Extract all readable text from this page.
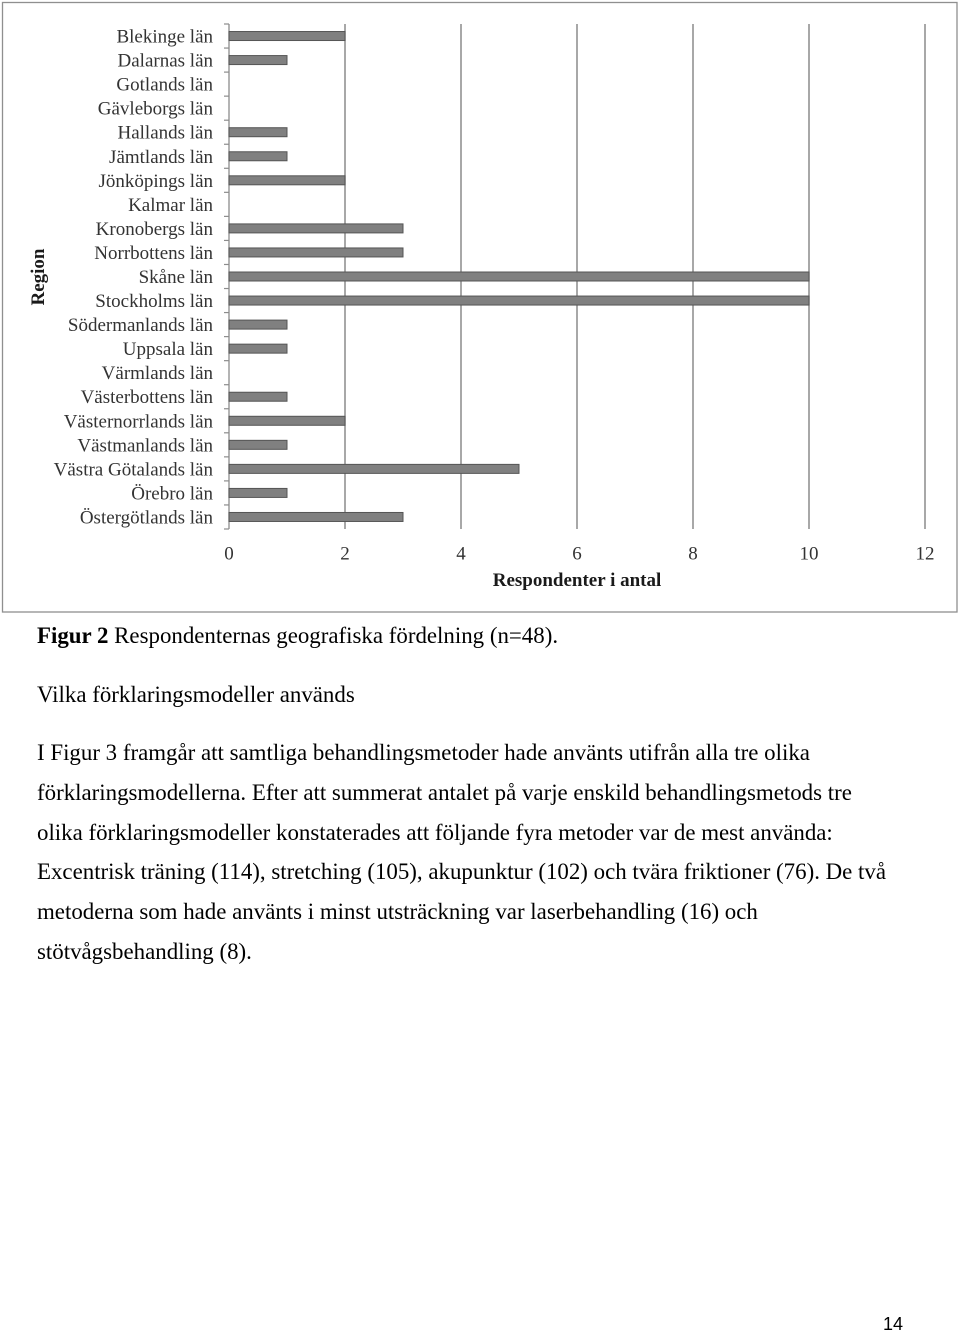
Blekinge län
Dalarnas län
Gotlands län
Gävleborgs län
Hallands län
Jämtlands län
Jönköpings län
Kalmar län
Kronobergs län
Norrbottens län
Skåne län
Stockholms län
Södermanlands län
Uppsala län
Värmlands län
Västerbottens län
Västernorrlands län
Västmanlands län
Västra Götalands län
Örebro län
Östergötlands län
0	2	4	6	8	10	12
Respondenter i antal
Region
Figur 2 Respondenternas geografiska fördelning (n=48).
Vilka förklaringsmodeller används
I Figur 3 framgår att samtliga behandlingsmetoder hade använts utifrån alla tre olika
förklaringsmodellerna. Efter att summerat antalet på varje enskild behandlingsmetods tre
olika förklaringsmodeller konstaterades att följande fyra metoder var de mest använda:
Excentrisk träning (114), stretching (105), akupunktur (102) och tvära friktioner (76). De två
metoderna som hade använts i minst utsträckning var laserbehandling (16) och
stötvågsbehandling (8).
14
